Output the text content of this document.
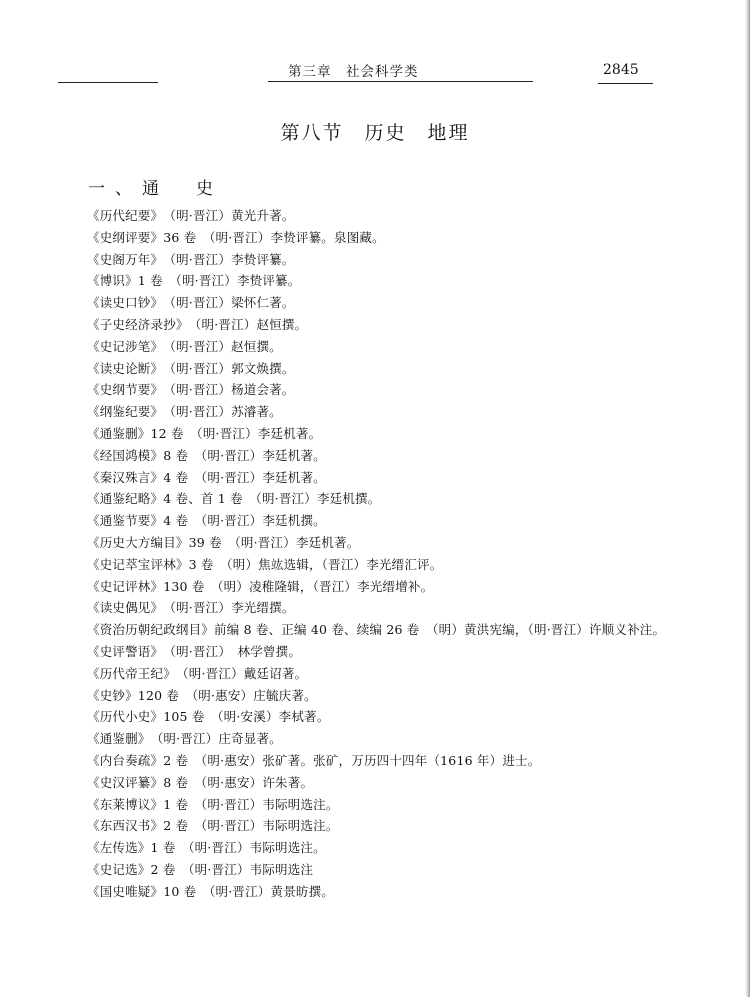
第三章　社会科学类	2845
第八节　历史　地理
一、通　史

《历代纪要》　（明·晋江）黄光升著。

《史纲评要》36 卷　（明·晋江）李贽评纂。泉图藏。

《史阁万年》　（明·晋江）李贽评纂。

《博识》1 卷　（明·晋江）李贽评纂。

《读史口钞》　（明·晋江）梁怀仁著。

《子史经济录抄》　（明·晋江）赵恒撰。

《史记涉笔》　（明·晋江）赵恒撰。

《读史论断》　（明·晋江）郭文焕撰。

《史纲节要》　（明·晋江）杨道会著。

《纲鉴纪要》　（明·晋江）苏濬著。

《通鉴删》12 卷　（明·晋江）李廷机著。

《经国鸿模》8 卷　（明·晋江）李廷机著。

《秦汉殊言》4 卷　（明·晋江）李廷机著。

《通鉴纪略》4 卷、首 1 卷　（明·晋江）李廷机撰。

《通鉴节要》4 卷　（明·晋江）李廷机撰。

《历史大方编目》39 卷　（明·晋江）李廷机著。

《史记萃宝评林》3 卷　（明）焦竑选辑，（晋江）李光缙汇评。

《史记评林》130 卷　（明）凌稚隆辑，（晋江）李光缙增补。

《读史偶见》　（明·晋江）李光缙撰。

《资治历朝纪政纲目》前编 8 卷、正编 40 卷、续编 26 卷　（明）黄洪宪编，（明·晋江）许顺义补注。

《史评警语》　（明·晋江）　林学曾撰。

《历代帝王纪》　（明·晋江）戴廷诏著。

《史钞》120 卷　（明·惠安）庄毓庆著。

《历代小史》105 卷　（明·安溪）李栻著。

《通鉴删》　（明·晋江）庄奇显著。

《内台奏疏》2 卷　（明·惠安）张矿著。张矿，万历四十四年（1616 年）进士。

《史汉评纂》8 卷　（明·惠安）许朱著。

《东莱博议》1 卷　（明·晋江）韦际明选注。

《东西汉书》2 卷　（明·晋江）韦际明选注。

《左传选》1 卷　（明·晋江）韦际明选注。

《史记选》2 卷　（明·晋江）韦际明选注

《国史唯疑》10 卷　（明·晋江）黄景昉撰。
